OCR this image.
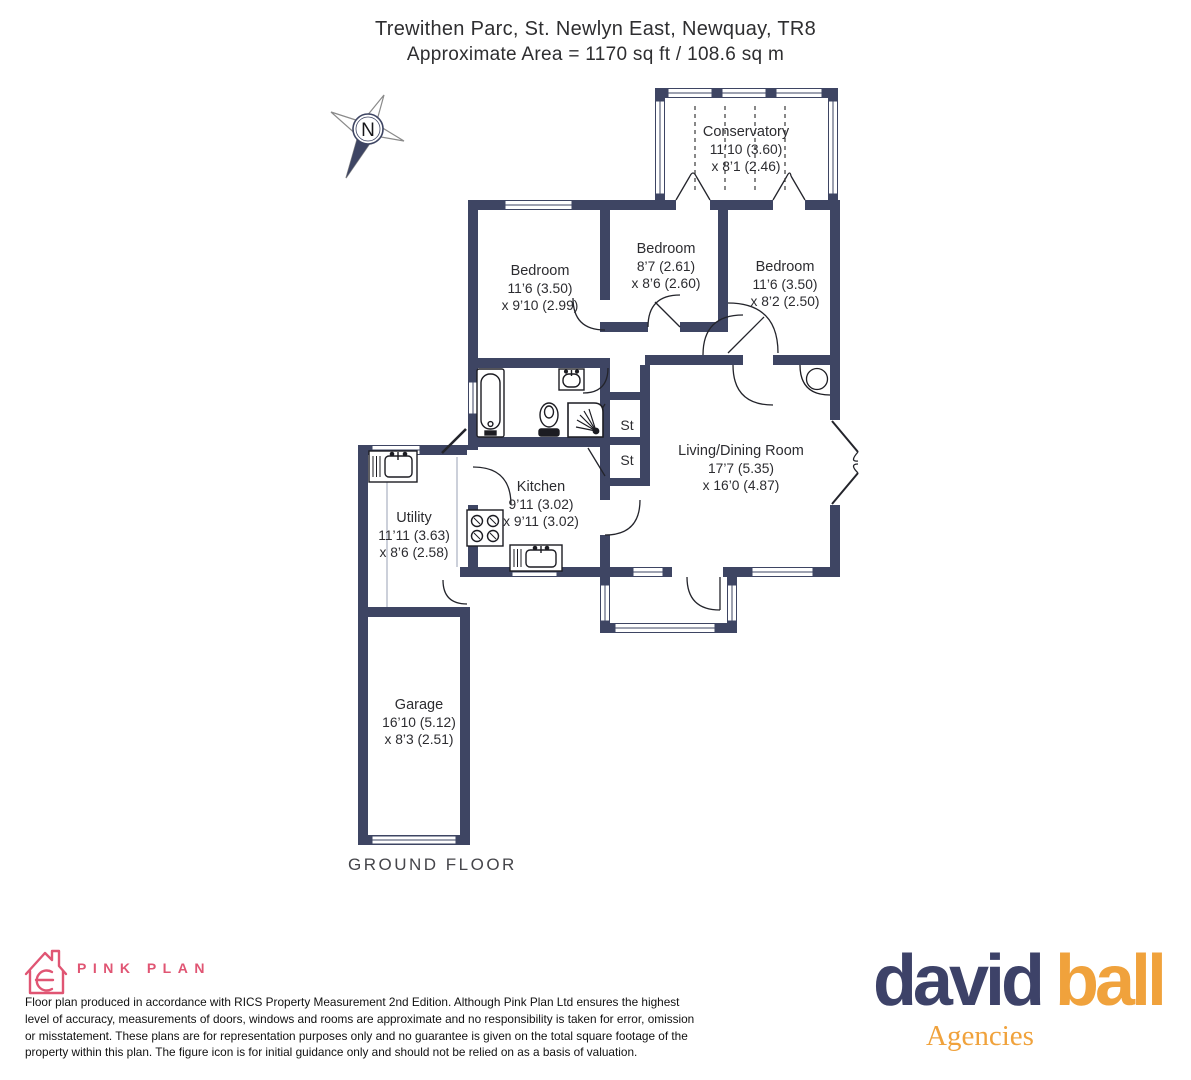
N
Trewithen Parc, St. Newlyn East, Newquay, TR8
Approximate Area = 1170 sq ft / 108.6 sq m
Conservatory
11’10 (3.60)
x 8’1 (2.46)
Bedroom
11’6 (3.50)
x 9’10 (2.99)
Bedroom
8’7 (2.61)
x 8’6 (2.60)
Bedroom
11’6 (3.50)
x 8’2 (2.50)
Living/Dining Room
17’7 (5.35)
x 16’0 (4.87)
Kitchen
9’11 (3.02)
x 9’11 (3.02)
Utility
11’11 (3.63)
x 8’6 (2.58)
Garage
16’10 (5.12)
x 8’3 (2.51)
St
St
GROUND FLOOR
PINK PLAN
Floor plan produced in accordance with RICS Property Measurement 2nd Edition. Although Pink Plan Ltd ensures the highest
level of accuracy, measurements of doors, windows and rooms are approximate and no responsibility is taken for error, omission
or misstatement. These plans are for representation purposes only and no guarantee is given on the total square footage of the
property within this plan. The figure icon is for initial guidance only and should not be relied on as a basis of valuation.
david ball
Agencies
